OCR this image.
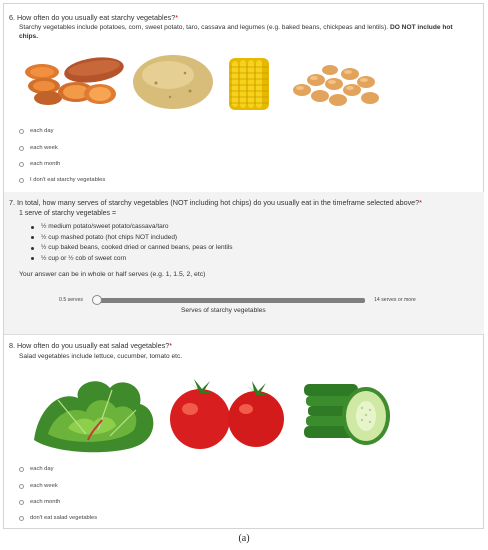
6. How often do you usually eat starchy vegetables?*
Starchy vegetables include potatoes, corn, sweet potato, taro, cassava and legumes (e.g. baked beans, chickpeas and lentils). DO NOT include hot chips.
each day
each week
each month
I don't eat starchy vegetables
7. In total, how many serves of starchy vegetables (NOT including hot chips) do you usually eat in the timeframe selected above?*
1 serve of starchy vegetables =
½ medium potato/sweet potato/cassava/taro
½ cup mashed potato (hot chips NOT included)
½ cup baked beans, cooked dried or canned beans, peas or lentils
½ cup or ½ cob of sweet corn
Your answer can be in whole or half serves (e.g. 1, 1.5, 2, etc)
0.5 serves	14 serves or more
Serves of starchy vegetables
8. How often do you usually eat salad vegetables?*
Salad vegetables include lettuce, cucumber, tomato etc.
each day
each week
each month
don't eat salad vegetables
(a)
